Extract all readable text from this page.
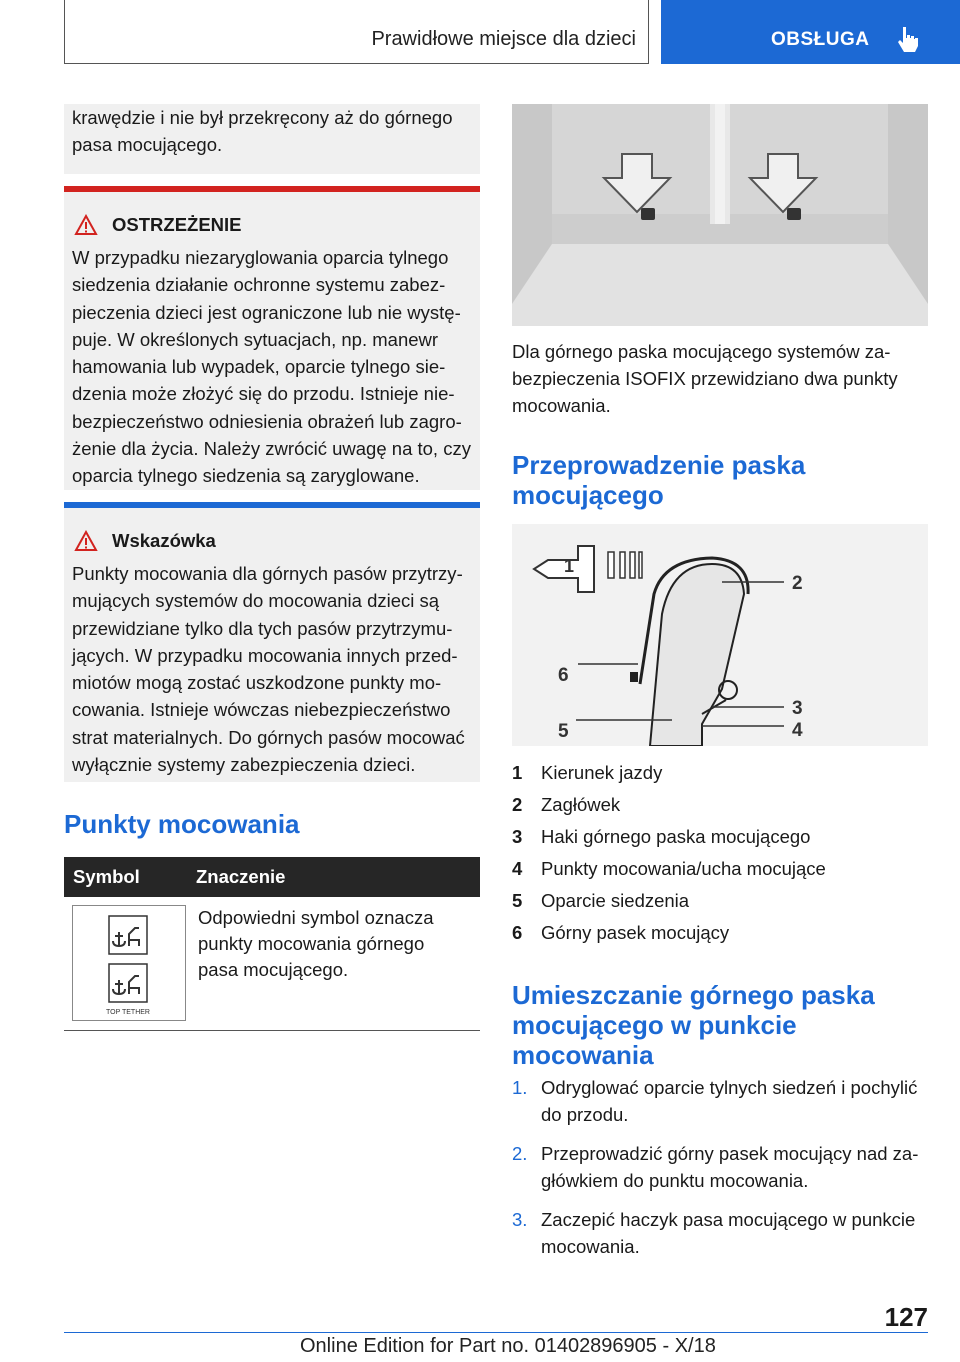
Prawidłowe miejsce dla dzieci	OBSŁUGA

krawędzie i nie był przekręcony aż do górnego pasa mocującego.

OSTRZEŻENIE
W przypadku niezaryglowania oparcia tylnego siedzenia działanie ochronne systemu zabezpieczenia dzieci jest ograniczone lub nie występuje. W określonych sytuacjach, np. manewr hamowania lub wypadek, oparcie tylnego siedzenia może złożyć się do przodu. Istnieje niebezpieczeństwo odniesienia obrażeń lub zagrożenie dla życia. Należy zwrócić uwagę na to, czy oparcia tylnego siedzenia są zaryglowane.
Wskazówka
Punkty mocowania dla górnych pasów przytrzymujących systemów do mocowania dzieci są przewidziane tylko dla tych pasów przytrzymujących. W przypadku mocowania innych przedmiotów mogą zostać uszkodzone punkty mocowania. Istnieje wówczas niebezpieczeństwo strat materialnych. Do górnych pasów mocować wyłącznie systemy zabezpieczenia dzieci.
Punkty mocowania
Symbol	Znaczenie
TOP TETHER
Odpowiedni symbol oznacza punkty mocowania górnego pasa mocującego.
Dla górnego paska mocującego systemów zabezpieczenia ISOFIX przewidziano dwa punkty mocowania.
Przeprowadzenie paska mocującego
1
2
3
4
5
6
1	Kierunek jazdy
2	Zagłówek
3	Haki górnego paska mocującego
4	Punkty mocowania/ucha mocujące
5	Oparcie siedzenia
6	Górny pasek mocujący
Umieszczanie górnego paska mocującego w punkcie mocowania
1. Odryglować oparcie tylnych siedzeń i pochylić do przodu.
2. Przeprowadzić górny pasek mocujący nad zagłówkiem do punktu mocowania.
3. Zaczepić haczyk pasa mocującego w punkcie mocowania.
127
Online Edition for Part no. 01402896905 - X/18
